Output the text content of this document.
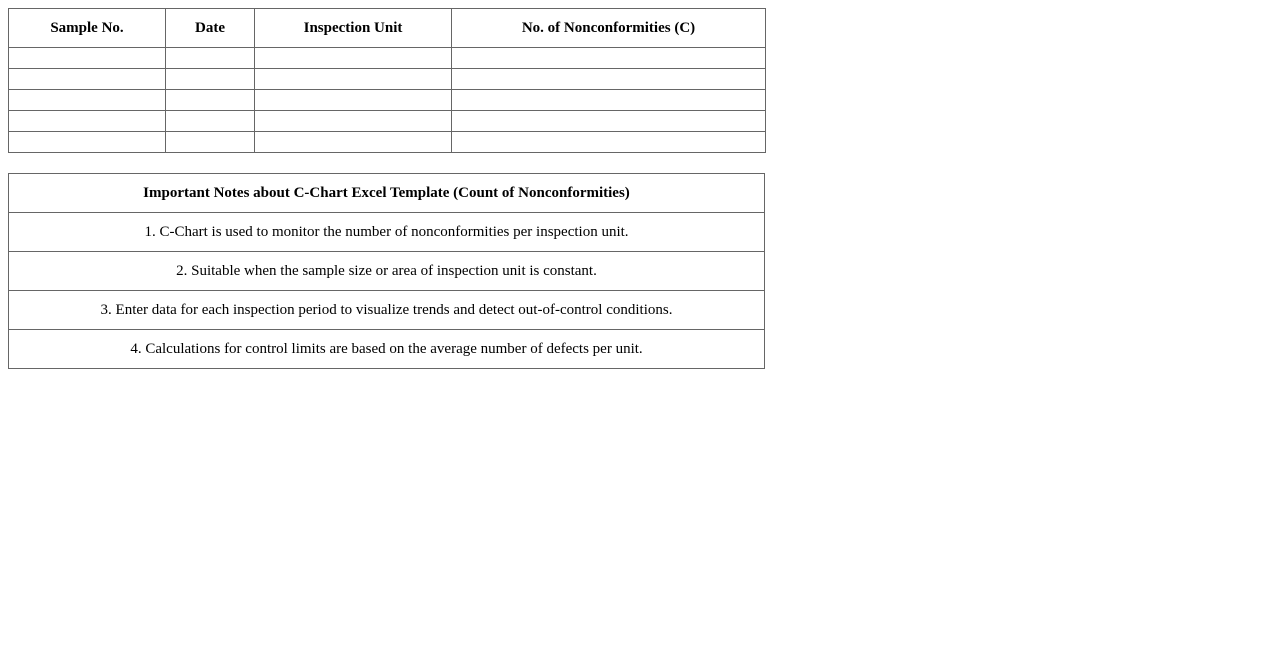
Sample No.	Date	Inspection Unit	No. of Nonconformities (C)

Important Notes about C-Chart Excel Template (Count of Nonconformities)
1. C-Chart is used to monitor the number of nonconformities per inspection unit.
2. Suitable when the sample size or area of inspection unit is constant.
3. Enter data for each inspection period to visualize trends and detect out-of-control conditions.
4. Calculations for control limits are based on the average number of defects per unit.
